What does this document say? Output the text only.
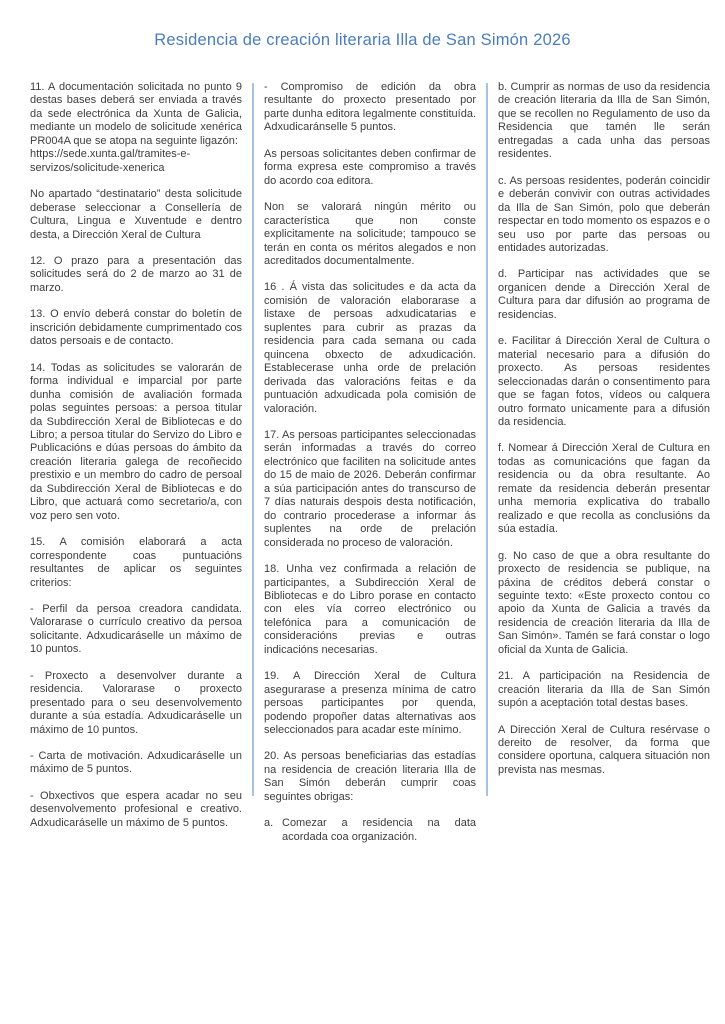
Residencia de creación literaria Illa de San Simón 2026

11. A documentación solicitada no punto 9 destas bases deberá ser enviada a través da sede electrónica da Xunta de Galicia, mediante un modelo de solicitude xenérica PR004A que se atopa na seguinte ligazón:
https://sede.xunta.gal/tramites-e-servizos/solicitude-xenerica

No apartado “destinatario” desta solicitude deberase seleccionar a Consellería de Cultura, Lingua e Xuventude e dentro desta, a Dirección Xeral de Cultura

12. O prazo para a presentación das solicitudes será do 2 de marzo ao 31 de marzo.

13. O envío deberá constar do boletín de inscrición debidamente cumprimentado cos datos persoais e de contacto.

14. Todas as solicitudes se valorarán de forma individual e imparcial por parte dunha comisión de avaliación formada polas seguintes persoas: a persoa titular da Subdirección Xeral de Bibliotecas e do Libro; a persoa titular do Servizo do Libro e Publicacións e dúas persoas do ámbito da creación literaria galega de recoñecido prestixio e un membro do cadro de persoal da Subdirección Xeral de Bibliotecas e do Libro, que actuará como secretario/a, con voz pero sen voto.

15. A comisión elaborará a acta correspondente coas puntuacións resultantes de aplicar os seguintes criterios:

- Perfil da persoa creadora candidata. Valorarase o currículo creativo da persoa solicitante. Adxudicaráselle un máximo de 10 puntos.

- Proxecto a desenvolver durante a residencia. Valorarase o proxecto presentado para o seu desenvolvemento durante a súa estadía. Adxudicaráselle un máximo de 10 puntos.

- Carta de motivación. Adxudicaráselle un máximo de 5 puntos.

- Obxectivos que espera acadar no seu desenvolvemento profesional e creativo. Adxudicaráselle un máximo de 5 puntos.

- Compromiso de edición da obra resultante do proxecto presentado por parte dunha editora legalmente constituída. Adxudicaránselle 5 puntos.

As persoas solicitantes deben confirmar de forma expresa este compromiso a través do acordo coa editora.

Non se valorará ningún mérito ou característica que non conste explicitamente na solicitude; tampouco se terán en conta os méritos alegados e non acreditados documentalmente.

16 . Á vista das solicitudes e da acta da comisión de valoración elaborarase a listaxe de persoas adxudicatarias e suplentes para cubrir as prazas da residencia para cada semana ou cada quincena obxecto de adxudicación. Establecerase unha orde de prelación derivada das valoracións feitas e da puntuación adxudicada pola comisión de valoración.

17. As persoas participantes seleccionadas serán informadas a través do correo electrónico que faciliten na solicitude antes do 15 de maio de 2026. Deberán confirmar a súa participación antes do transcurso de 7 días naturais despois desta notificación, do contrario procederase a informar ás suplentes na orde de prelación considerada no proceso de valoración.

18. Unha vez confirmada a relación de participantes, a Subdirección Xeral de Bibliotecas e do Libro porase en contacto con eles vía correo electrónico ou telefónica para a comunicación de consideracións previas e outras indicacións necesarias.

19. A Dirección Xeral de Cultura asegurarase a presenza mínima de catro persoas participantes por quenda, podendo propoñer datas alternativas aos seleccionados para acadar este mínimo.

20. As persoas beneficiarias das estadías na residencia de creación literaria Illa de San Simón deberán cumprir coas seguintes obrigas:

a. Comezar a residencia na data acordada coa organización.

b. Cumprir as normas de uso da residencia de creación literaria da Illa de San Simón, que se recollen no Regulamento de uso da Residencia que tamén lle serán entregadas a cada unha das persoas residentes.

c. As persoas residentes, poderán coincidir e deberán convivir con outras actividades da Illa de San Simón, polo que deberán respectar en todo momento os espazos e o seu uso por parte das persoas ou entidades autorizadas.

d. Participar nas actividades que se organicen dende a Dirección Xeral de Cultura para dar difusión ao programa de residencias.

e. Facilitar á Dirección Xeral de Cultura o material necesario para a difusión do proxecto. As persoas residentes seleccionadas darán o consentimento para que se fagan fotos, vídeos ou calquera outro formato unicamente para a difusión da residencia.

f. Nomear á Dirección Xeral de Cultura en todas as comunicacións que fagan da residencia ou da obra resultante. Ao remate da residencia deberán presentar unha memoria explicativa do traballo realizado e que recolla as conclusións da súa estadía.

g. No caso de que a obra resultante do proxecto de residencia se publique, na páxina de créditos deberá constar o seguinte texto: «Este proxecto contou co apoio da Xunta de Galicia a través da residencia de creación literaria da Illa de San Simón». Tamén se fará constar o logo oficial da Xunta de Galicia.

21. A participación na Residencia de creación literaria da Illa de San Simón supón a aceptación total destas bases.

A Dirección Xeral de Cultura resérvase o dereito de resolver, da forma que considere oportuna, calquera situación non prevista nas mesmas.
